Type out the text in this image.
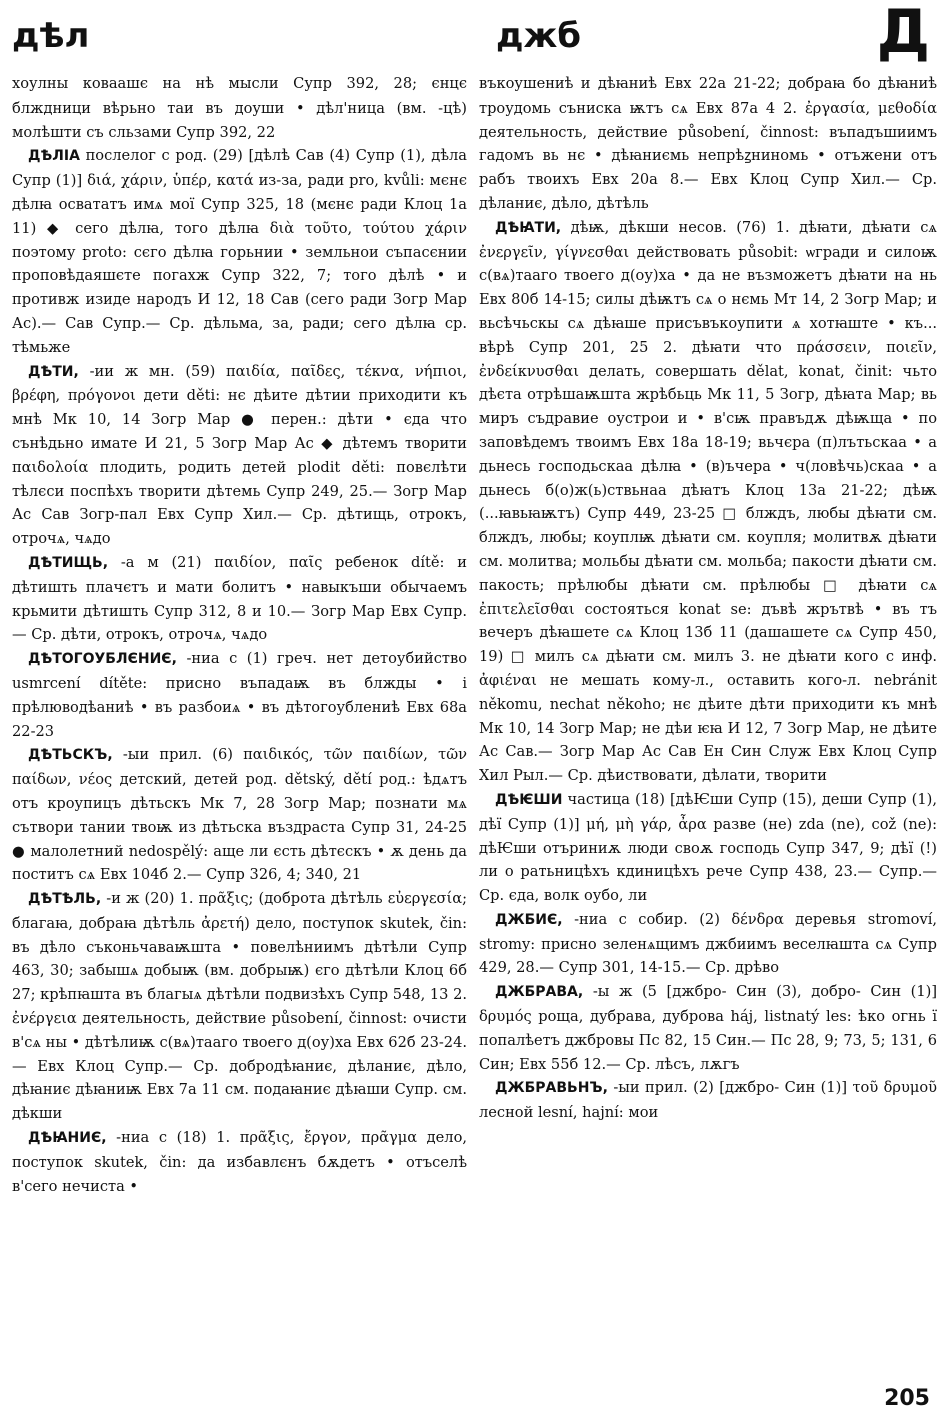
дѣл	джб	Д

хоулны коваашє на нѣ мысли Супр 392, 28; єнцє блждници вѣрьно таи въ доуши • дѣл'ница (вм. -цѣ) молѣшти съ сльзами Супр 392, 22

ДѢЛІА послелог с род. (29) [дѣлѣ Сав (4) Супр (1), дѣла Супр (1)] διά, χάριν, ὑπέρ, κατά из-за, ради pro, kvůli: мєнє дѣлꙗ освататъ имѧ мої Супр 325, 18 (мєнє ради Клоц 1а 11) ◆ сего дѣлꙗ, того дѣлꙗ διὰ τοῦτο, τούτου χάριν поэтому proto: сєго дѣлꙗ горьнии • земльнои съпасєнии проповѣдаяшєте погахж Супр 322, 7; того дѣлѣ • и противж изиде народъ И 12, 18 Сав (сего ради Зогр Мар Ас).— Сав Супр.— Ср. дѣльма, за, ради; сего дѣлꙗ ср. тѣмьже

ДѢТИ, -ии ж мн. (59) παιδία, παῖδες, τέκνα, νήπιοι, βρέφη, πρόγονοι дети děti: нє дѣите дѣтии приходити къ мнѣ Мк 10, 14 Зогр Мар ● перен.: дѣти • єда что сънѣдьно имате И 21, 5 Зогр Мар Ас ◆ дѣтемъ творити παιδολοία плодить, родить детей plodit děti: повєлѣти тѣлєси поспѣхъ творити дѣтемь Супр 249, 25.— Зогр Мар Ас Сав Зогр-пал Евх Супр Хил.— Ср. дѣтищь, отрокъ, отрочѧ, чѧдо

ДѢТИЩЬ, -а м (21) παιδίον, παῖς ребенок dítě: и дѣтишть плачєтъ и мати болитъ • навыкъши обычаемъ крьмити дѣтишть Супр 312, 8 и 10.— Зогр Мар Евх Супр.— Ср. дѣти, отрокъ, отрочѧ, чѧдо

ДѢТОГОУБЛЄНИЄ, -ниа с (1) греч. нет детоубийство usmrcení dítěte: присно въпадаѭ въ блжды • і прѣлюводѣаниѣ • въ разбоиѧ • въ дѣтогоублениѣ Евх 68а 22-23

ДѢТЬСКЪ, -ыи прил. (6) παιδικός, τῶν παιδίων, τῶν παίδων, νέος детский, детей род. dětský, dětí род.: ѣдѧтъ отъ кроупицъ дѣтьскъ Мк 7, 28 Зогр Мар; познати мѧ сътвори тании твоѭ из дѣтьска въздраста Супр 31, 24-25 ● малолетний nedospělý: аще ли єсть дѣтєскъ • ѫ день да поститъ сѧ Евх 104б 2.— Супр 326, 4; 340, 21

ДѢТѢЛЬ, -и ж (20) 1. πρᾶξις; (доброта дѣтѣль εὐεργεσία; благаꙗ, добраꙗ дѣтѣль ἀρετή) дело, поступок skutek, čin: въ дѣло съконьчаваѭшта • повелѣниимъ дѣтѣли Супр 463, 30; забышѧ добыѭ (вм. добрыѭ) єго дѣтѣли Клоц 6б 27; крѣпꙗшта въ благыѧ дѣтѣли подвизѣхъ Супр 548, 13 2. ἐνέργεια деятельность, действие působení, činnost: очисти в'сѧ ны • дѣтѣлиѭ с(вѧ)таагo твоего д(оу)ха Евх 62б 23-24.— Евх Клоц Супр.— Ср. добродѣꙗниє, дѣланиє, дѣло, дѣꙗниє дѣꙗниѭ Евх 7а 11 см. подаꙗниє дѣꙗши Супр. см. дѣкши

ДѢꙖНИЄ, -ниа с (18) 1. πρᾶξις, ἔργον, πρᾶγμα дело, поступок skutek, čin: да избавлєнъ бѫдетъ • отъселѣ в'сего нечиста •

въкоушениѣ и дѣꙗниѣ Евх 22а 21-22; добраꙗ бо дѣꙗниѣ троудомь съниска ѭтъ сѧ Евх 87а 4 2. ἐργασία, μεθοδία деятельность, действие působení, činnost: въпадъшиимъ гадомъ вь нє • дѣꙗниємь непрѣꙁниномь • отъжени отъ рабъ твоихъ Евх 20а 8.— Евх Клоц Супр Хил.— Ср. дѣланиє, дѣло, дѣтѣль

ДѢꙖТИ, дѣѭ, дѣкши несов. (76) 1. дѣꙗти, дѣꙗти сѧ ἐνεργεῖν, γίγνεσθαι действовать působit: ѡгради и силоѭ с(вѧ)таагo твоего д(оу)ха • да не възможетъ дѣꙗти на нь Евх 80б 14-15; силы дѣѭтъ сѧ о нємь Мт 14, 2 Зогр Мар; и вьсѣчьскы сѧ дѣꙗше присъвъкоупити ѧ хотꙗште • къ... вѣрѣ Супр 201, 25 2. дѣꙗти что πράσσειν, ποιεῖν, ἐνδείκνυσθαι делать, совершать dělat, konat, činit: чьто дѣєта отрѣшаѭшта жрѣбьць Мк 11, 5 Зогр, дѣꙗта Мар; вь миръ съдравие оуcтрои и • в'сѭ правъдѫ дѣѭща • по заповѣдемъ твоимъ Евх 18а 18-19; вьчєра (п)лътьскаа • а дьнесь господьскаа дѣлꙗ • (в)ъчера • ч(ловѣчь)скаа • а дьнесь б(о)ж(ь)ствьнаа дѣꙗтъ Клоц 13а 21-22; дѣѭ (...ꙗвьꙗѭтъ) Супр 449, 23-25 □ блждъ, любы дѣꙗти см. блждъ, любы; коуплѭ дѣꙗти см. коупля; молитвѫ дѣꙗти см. молитва; мольбы дѣꙗти см. мольба; пакости дѣꙗти см. пакость; прѣлюбы дѣꙗти см. прѣлюбы □ дѣꙗти сѧ ἐπιτελεῖσθαι состояться konat se: дъвѣ жрътвѣ • въ тъ вечеръ дѣꙗшете сѧ Клоц 13б 11 (дашашете сѧ Супр 450, 19) □ милъ сѧ дѣꙗти см. милъ 3. не дѣꙗти кого с инф. ἀφιέναι не мешать кому-л., оставить кого-л. nebránit někomu, nechat někoho; нє дѣите дѣти приходити къ мнѣ Мк 10, 14 Зогр Мар; не дѣи ѥꙗ И 12, 7 Зогр Мар, не дѣите Ас Сав.— Зогр Мар Ас Сав Ен Син Служ Евх Клоц Супр Хил Рыл.— Ср. дѣиствовати, дѣлати, творити

ДѢѤШИ частица (18) [дѣѤши Супр (15), деши Супр (1), дѣї Супр (1)] μή, μὴ γάρ, ἆρα разве (не) zda (ne), což (ne): дѣѤши отъриниѫ люди своѫ господь Супр 347, 9; дѣї (!) ли о ратьницѣхъ кдиницѣхъ рече Супр 438, 23.— Супр.— Ср. єда, волк оубо, ли

ДЖБИЄ, -ниа с собир. (2) δένδρα деревья stromoví, stromy: присно зеленѧщимъ джбиимъ веселꙗшта сѧ Супр 429, 28.— Супр 301, 14-15.— Ср. дрѣво

ДЖБРАВА, -ы ж (5 [джбро- Син (3), добро- Син (1)] δρυμός роща, дубрава, дуброва háj, listnatý les: ѣко огнь ї попалѣетъ джбровы Пс 82, 15 Син.— Пс 28, 9; 73, 5; 131, 6 Син; Евх 55б 12.— Ср. лѣсъ, лѫгъ

ДЖБРАВЬНЪ, -ыи прил. (2) [джбро- Син (1)] τοῦ δρυμοῦ лесной lesní, hajní: мои

205
